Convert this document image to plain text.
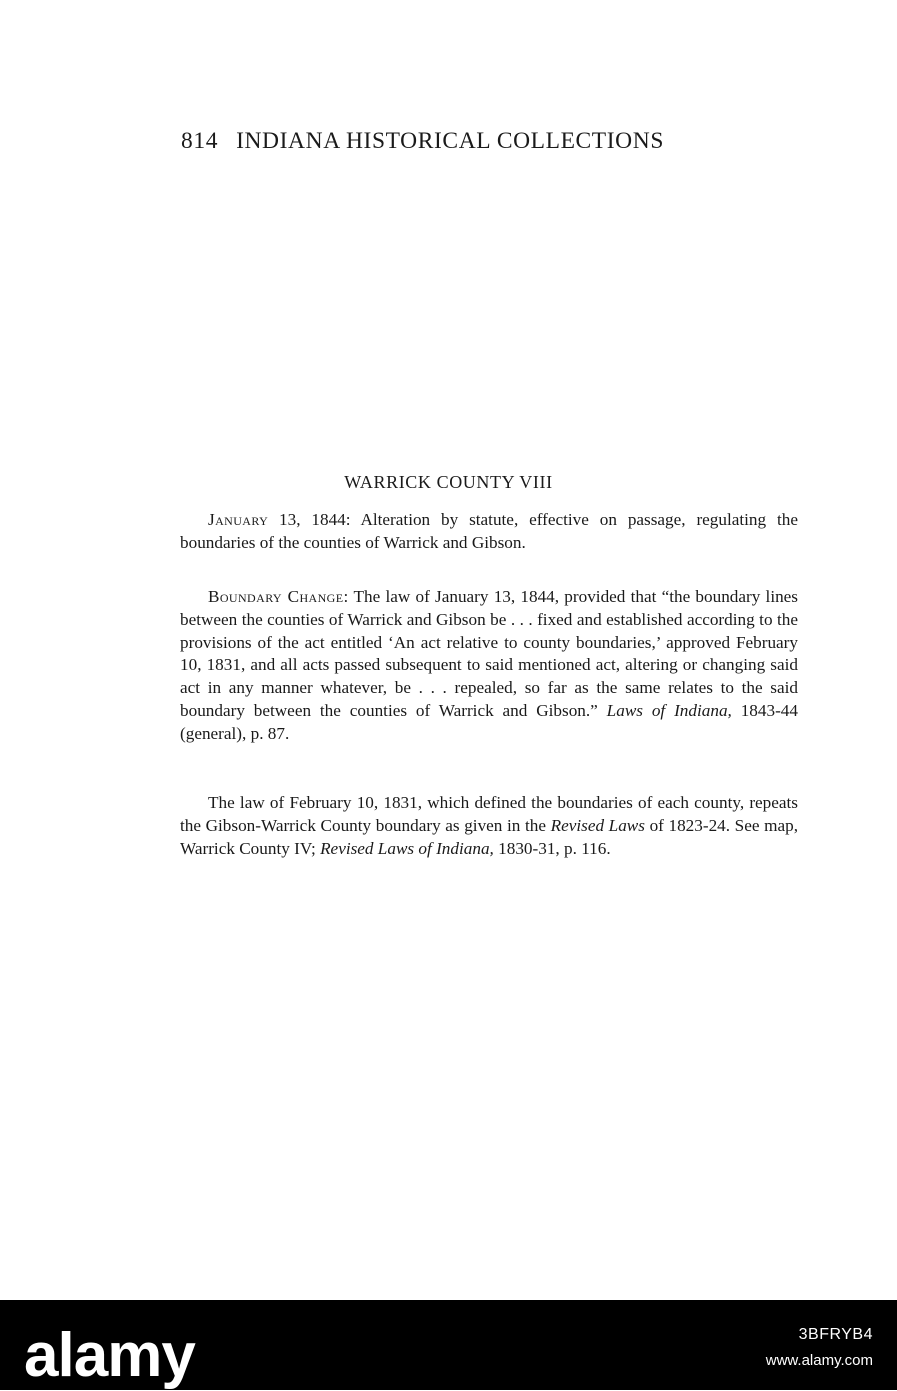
814 INDIANA HISTORICAL COLLECTIONS
WARRICK COUNTY VIII

January 13, 1844: Alteration by statute, effective on passage, regulating the boundaries of the counties of Warrick and Gibson.

Boundary Change: The law of January 13, 1844, provided that “the boundary lines between the counties of Warrick and Gibson be . . . fixed and established according to the provisions of the act entitled ‘An act relative to county boundaries,’ approved February 10, 1831, and all acts passed subsequent to said mentioned act, altering or changing said act in any manner whatever, be . . . repealed, so far as the same relates to the said boundary between the counties of Warrick and Gibson.” Laws of Indiana, 1843-44 (general), p. 87.

The law of February 10, 1831, which defined the boundaries of each county, repeats the Gibson-Warrick County boundary as given in the Revised Laws of 1823-24. See map, Warrick County IV; Revised Laws of Indiana, 1830-31, p. 116.

alamy	3BFRYB4
www.alamy.com
